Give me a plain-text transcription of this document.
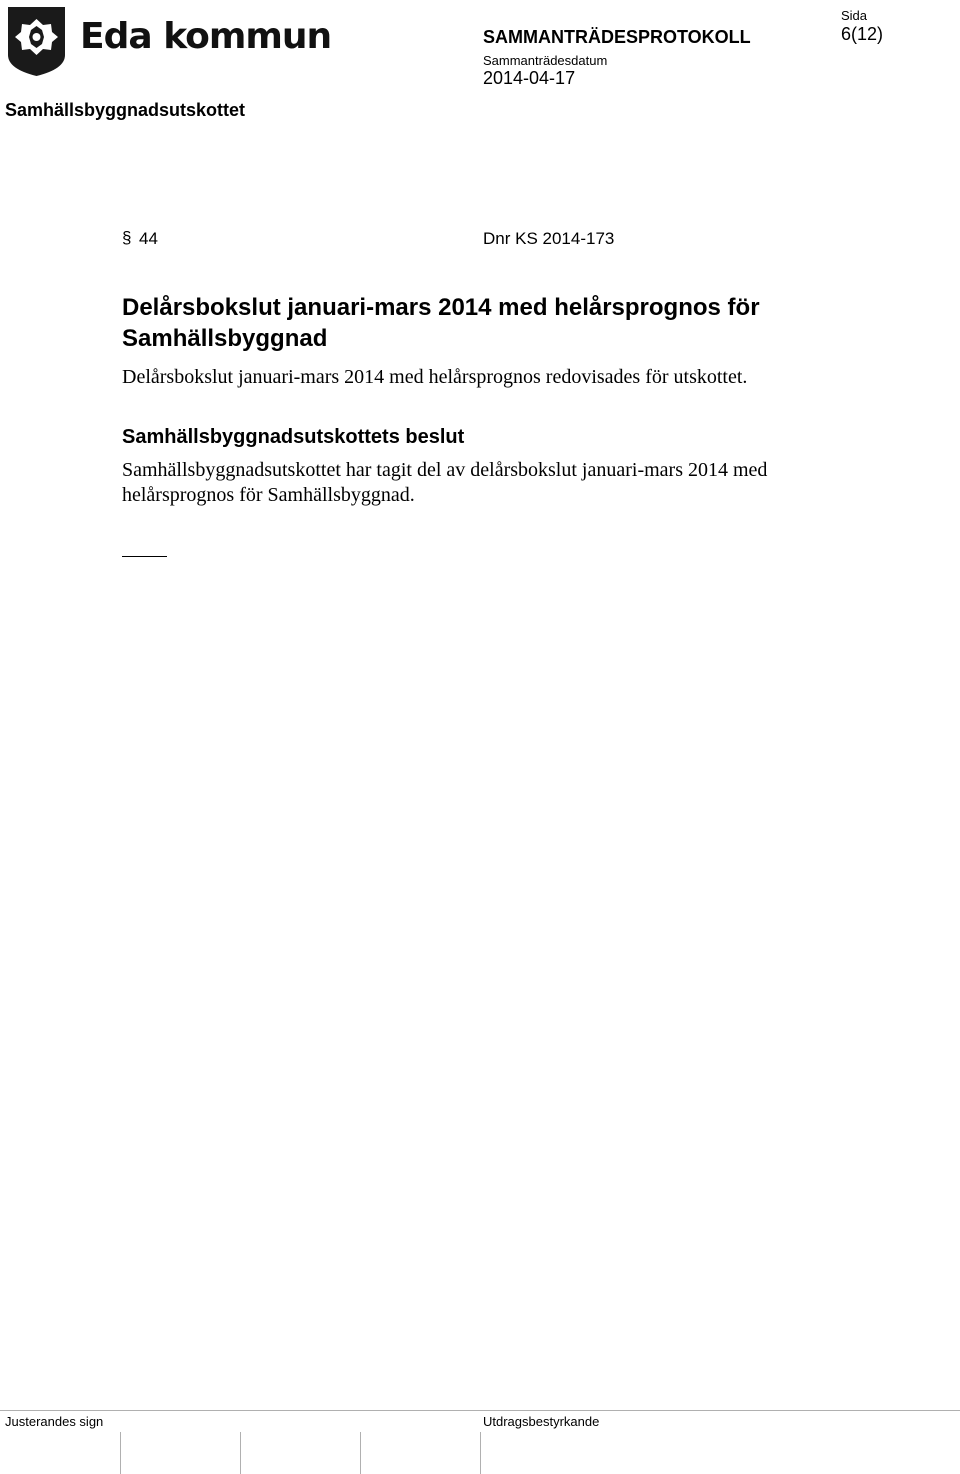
Eda kommun
Samhällsbyggnadsutskottet
SAMMANTRÄDESPROTOKOLL
Sammanträdesdatum
2014-04-17
Sida
6(12)
§ 44	Dnr KS 2014-173
Delårsbokslut januari-mars 2014 med helårsprognos för Samhällsbyggnad
Delårsbokslut januari-mars 2014 med helårsprognos redovisades för utskottet.
Samhällsbyggnadsutskottets beslut
Samhällsbyggnadsutskottet har tagit del av delårsbokslut januari-mars 2014 med helårsprognos för Samhällsbyggnad.
Justerandes sign	Utdragsbestyrkande
